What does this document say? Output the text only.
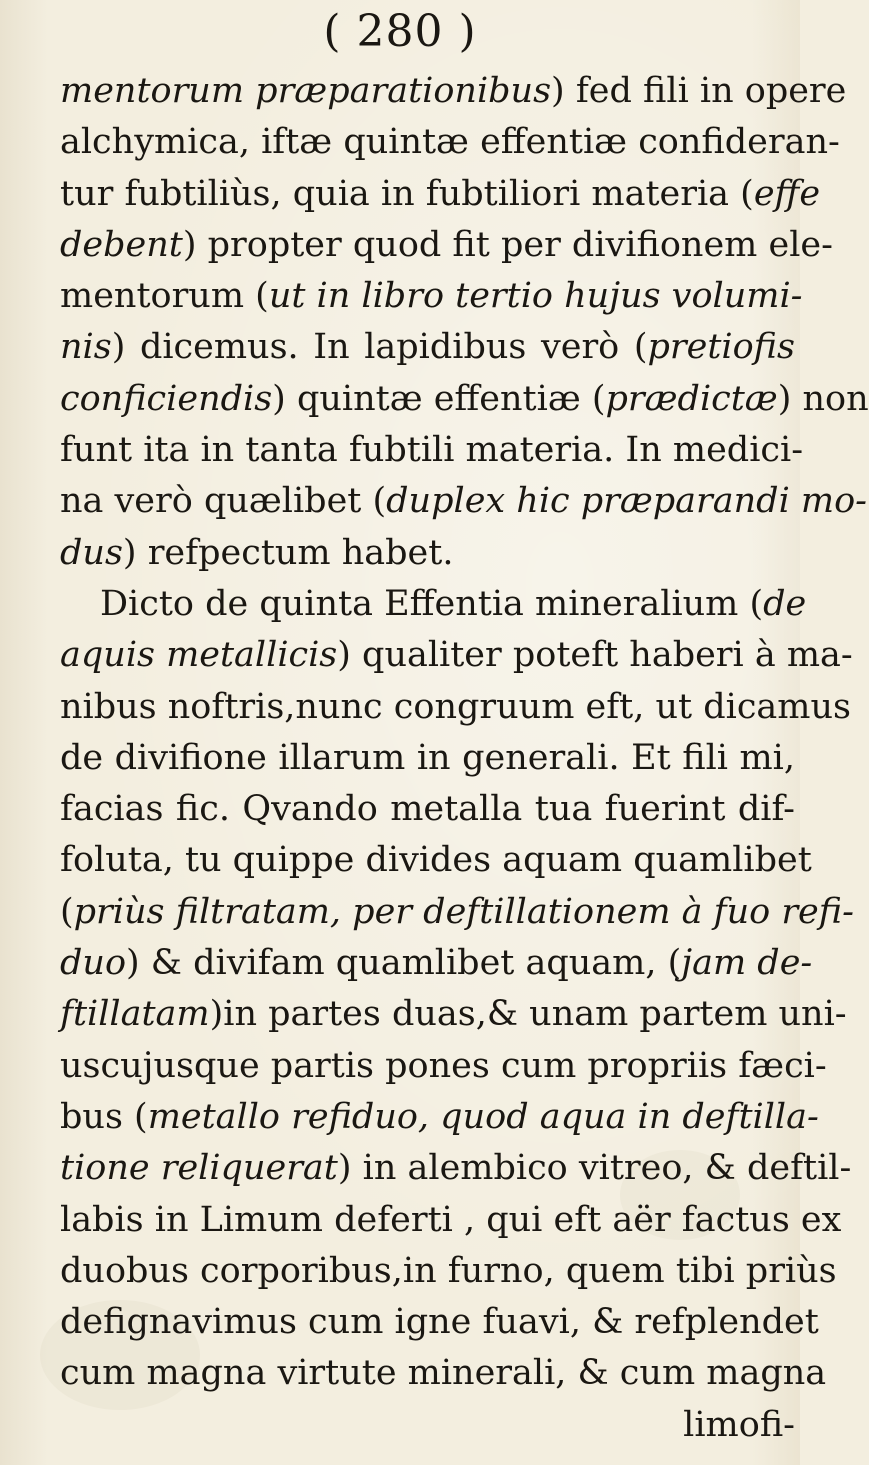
( 280 )
mentorum præparationibus) fed fili in opere
alchymica, iftæ quintæ effentiæ confideran-
tur fubtiliùs, quia in fubtiliori materia (effe
debent) propter quod fit per divifionem ele-
mentorum (ut in libro tertio hujus volumi-
nis) dicemus. In lapidibus verò (pretiofis
conficiendis) quintæ effentiæ (prædictæ) non
funt ita in tanta fubtili materia. In medici-
na verò quælibet (duplex hic præparandi mo-
dus) refpectum habet.
Dicto de quinta Effentia mineralium (de
aquis metallicis) qualiter poteft haberi à ma-
nibus noftris,nunc congruum eft, ut dicamus
de divifione illarum in generali. Et fili mi,
facias fic. Qvando metalla tua fuerint dif-
foluta, tu quippe divides aquam quamlibet
(priùs filtratam, per deftillationem à fuo refi-
duo) & divifam quamlibet aquam, (jam de-
ftillatam)in partes duas,& unam partem uni-
uscujusque partis pones cum propriis fæci-
bus (metallo refiduo, quod aqua in deftilla-
tione reliquerat) in alembico vitreo, & deftil-
labis in Limum deferti , qui eft aër factus ex
duobus corporibus,in furno, quem tibi priùs
defignavimus cum igne fuavi, & refplendet
cum magna virtute minerali, & cum magna
limofi-
